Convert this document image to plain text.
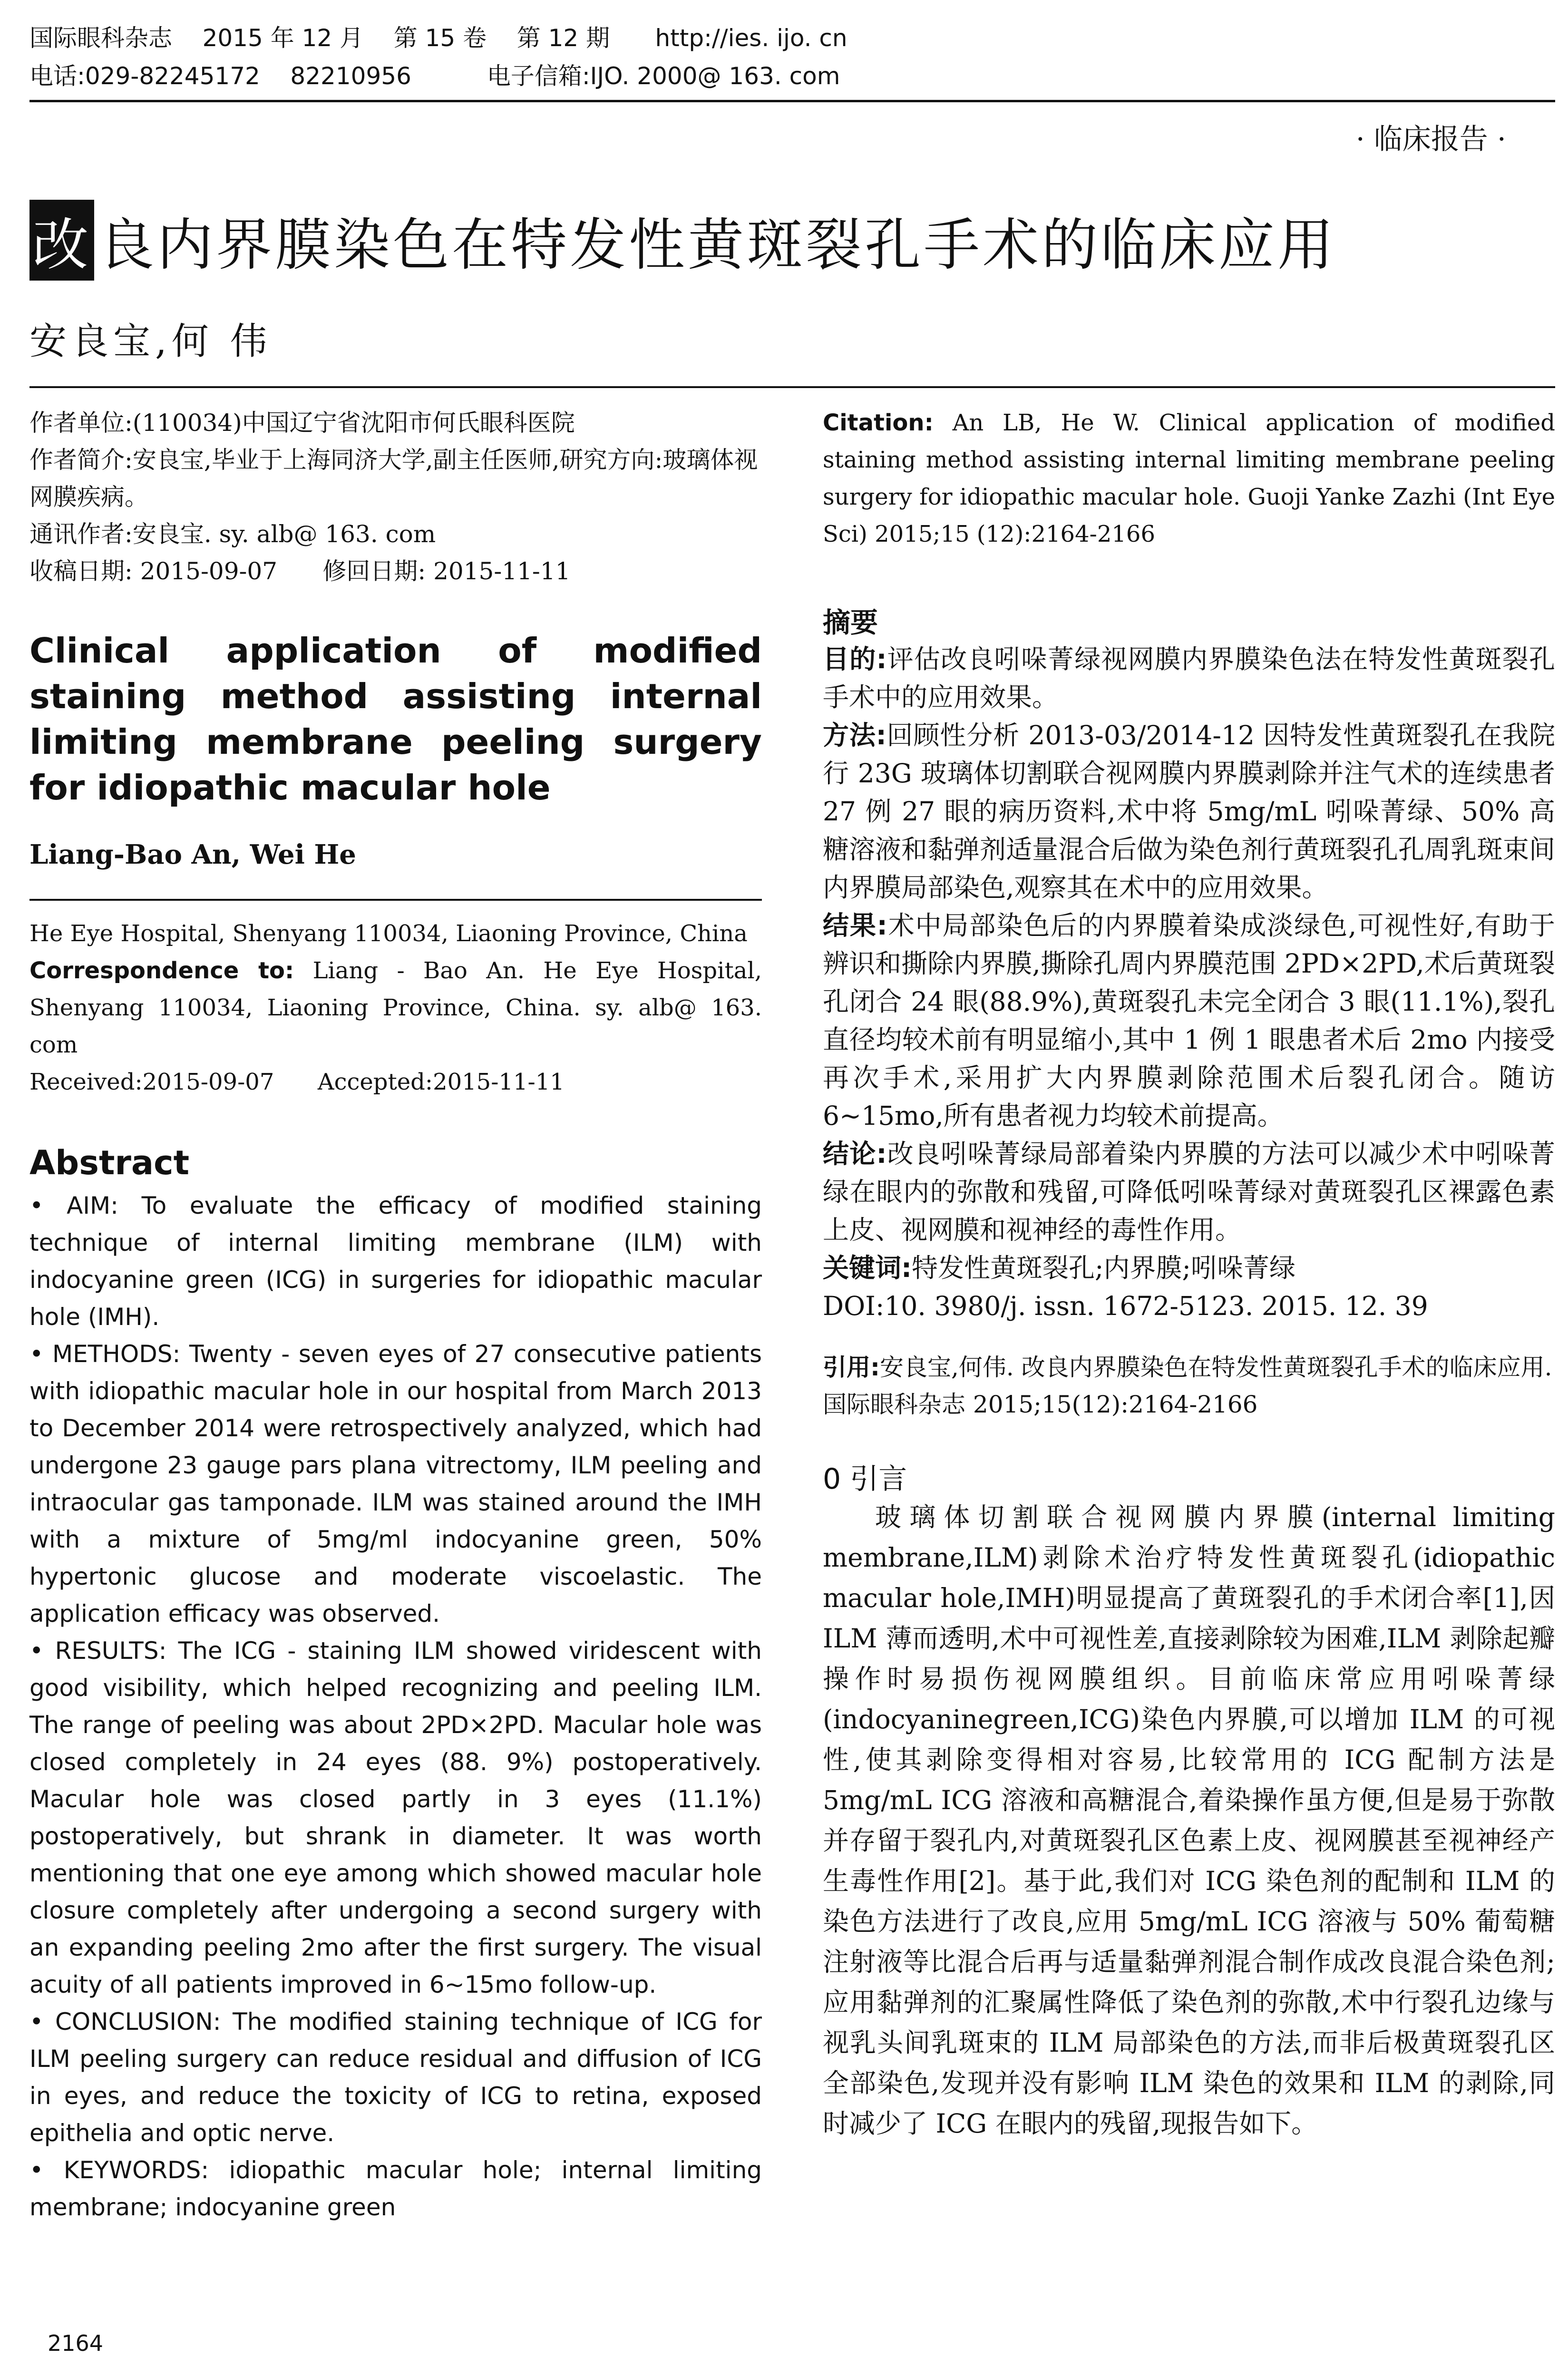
国际眼科杂志    2015 年 12 月    第 15 卷    第 12 期      http://ies. ijo. cn
电话:029-82245172    82210956          电子信箱:IJO. 2000@ 163. com
· 临床报告 ·
改 良内界膜染色在特发性黄斑裂孔手术的临床应用
安良宝,何 伟
作者单位:(110034)中国辽宁省沈阳市何氏眼科医院
作者简介:安良宝,毕业于上海同济大学,副主任医师,研究方向:玻璃体视网膜疾病。
通讯作者:安良宝. sy. alb@ 163. com
收稿日期: 2015-09-07      修回日期: 2015-11-11
Clinical application of modified staining method assisting internal limiting membrane peeling surgery for idiopathic macular hole
Liang-Bao An, Wei He
He Eye Hospital, Shenyang 110034, Liaoning Province, China
Correspondence to: Liang - Bao An. He Eye Hospital, Shenyang 110034, Liaoning Province, China. sy. alb@ 163. com
Received:2015-09-07      Accepted:2015-11-11
Abstract

• AIM: To evaluate the efficacy of modified staining technique of internal limiting membrane (ILM) with indocyanine green (ICG) in surgeries for idiopathic macular hole (IMH).

• METHODS: Twenty - seven eyes of 27 consecutive patients with idiopathic macular hole in our hospital from March 2013 to December 2014 were retrospectively analyzed, which had undergone 23 gauge pars plana vitrectomy, ILM peeling and intraocular gas tamponade. ILM was stained around the IMH with a mixture of 5mg/ml indocyanine green, 50% hypertonic glucose and moderate viscoelastic. The application efficacy was observed.

• RESULTS: The ICG - staining ILM showed viridescent with good visibility, which helped recognizing and peeling ILM. The range of peeling was about 2PD×2PD. Macular hole was closed completely in 24 eyes (88. 9%) postoperatively. Macular hole was closed partly in 3 eyes (11.1%) postoperatively, but shrank in diameter. It was worth mentioning that one eye among which showed macular hole closure completely after undergoing a second surgery with an expanding peeling 2mo after the first surgery. The visual acuity of all patients improved in 6~15mo follow-up.

• CONCLUSION: The modified staining technique of ICG for ILM peeling surgery can reduce residual and diffusion of ICG in eyes, and reduce the toxicity of ICG to retina, exposed epithelia and optic nerve.

• KEYWORDS: idiopathic macular hole; internal limiting membrane; indocyanine green

Citation: An LB, He W. Clinical application of modified staining method assisting internal limiting membrane peeling surgery for idiopathic macular hole. Guoji Yanke Zazhi (Int Eye Sci) 2015;15 (12):2164-2166
摘要

目的:评估改良吲哚菁绿视网膜内界膜染色法在特发性黄斑裂孔手术中的应用效果。

方法:回顾性分析 2013-03/2014-12 因特发性黄斑裂孔在我院行 23G 玻璃体切割联合视网膜内界膜剥除并注气术的连续患者 27 例 27 眼的病历资料,术中将 5mg/mL 吲哚菁绿、50% 高糖溶液和黏弹剂适量混合后做为染色剂行黄斑裂孔孔周乳斑束间内界膜局部染色,观察其在术中的应用效果。

结果:术中局部染色后的内界膜着染成淡绿色,可视性好,有助于辨识和撕除内界膜,撕除孔周内界膜范围 2PD×2PD,术后黄斑裂孔闭合 24 眼(88.9%),黄斑裂孔未完全闭合 3 眼(11.1%),裂孔直径均较术前有明显缩小,其中 1 例 1 眼患者术后 2mo 内接受再次手术,采用扩大内界膜剥除范围术后裂孔闭合。随访 6~15mo,所有患者视力均较术前提高。

结论:改良吲哚菁绿局部着染内界膜的方法可以减少术中吲哚菁绿在眼内的弥散和残留,可降低吲哚菁绿对黄斑裂孔区裸露色素上皮、视网膜和视神经的毒性作用。

关键词:特发性黄斑裂孔;内界膜;吲哚菁绿

DOI:10. 3980/j. issn. 1672-5123. 2015. 12. 39

引用:安良宝,何伟. 改良内界膜染色在特发性黄斑裂孔手术的临床应用. 国际眼科杂志 2015;15(12):2164-2166
0 引言

玻璃体切割联合视网膜内界膜(internal limiting membrane,ILM)剥除术治疗特发性黄斑裂孔(idiopathic macular hole,IMH)明显提高了黄斑裂孔的手术闭合率[1],因 ILM 薄而透明,术中可视性差,直接剥除较为困难,ILM 剥除起瓣操作时易损伤视网膜组织。目前临床常应用吲哚菁绿(indocyaninegreen,ICG)染色内界膜,可以增加 ILM 的可视性,使其剥除变得相对容易,比较常用的 ICG 配制方法是 5mg/mL ICG 溶液和高糖混合,着染操作虽方便,但是易于弥散并存留于裂孔内,对黄斑裂孔区色素上皮、视网膜甚至视神经产生毒性作用[2]。基于此,我们对 ICG 染色剂的配制和 ILM 的染色方法进行了改良,应用 5mg/mL ICG 溶液与 50% 葡萄糖注射液等比混合后再与适量黏弹剂混合制作成改良混合染色剂;应用黏弹剂的汇聚属性降低了染色剂的弥散,术中行裂孔边缘与视乳头间乳斑束的 ILM 局部染色的方法,而非后极黄斑裂孔区全部染色,发现并没有影响 ILM 染色的效果和 ILM 的剥除,同时减少了 ICG 在眼内的残留,现报告如下。

2164
